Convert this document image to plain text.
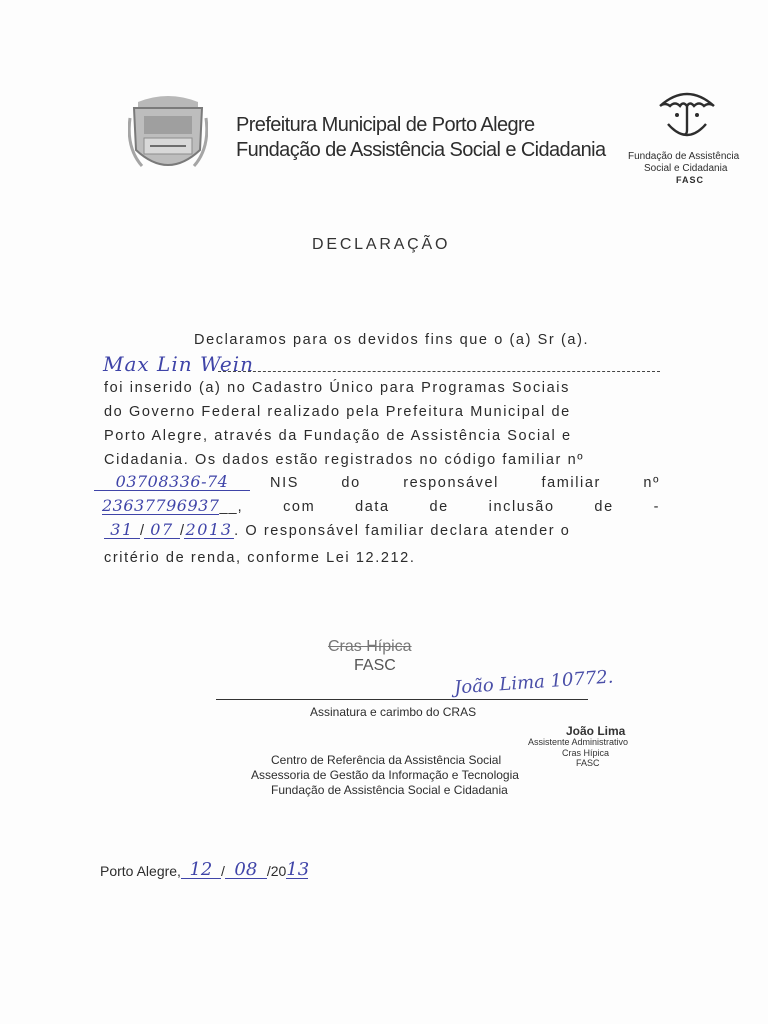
Prefeitura Municipal de Porto Alegre
Fundação de Assistência Social e Cidadania Fundação de Assistência
Social e Cidadania
FASC
DECLARAÇÃO
Declaramos para os devidos fins que o (a) Sr (a).
Max Lin Wein
foi inserido (a) no Cadastro Único para Programas Sociais
do Governo Federal realizado pela Prefeitura Municipal de
Porto Alegre, através da Fundação de Assistência Social e
Cidadania. Os dados estão registrados no código familiar nº
03708336-74	NIS	do	responsável	familiar	nº
23637796937 __ ,	com	data	de	inclusão	de	-
31 / 07 / 2013 . O responsável familiar declara atender o
critério de renda, conforme Lei 12.212.
Cras Hípica
FASC
João Lima 10772.
Assinatura e carimbo do CRAS
João Lima
Assistente Administrativo
Cras Hípica
FASC
Centro de Referência da Assistência Social
Assessoria de Gestão da Informação e Tecnologia
Fundação de Assistência Social e Cidadania
Porto Alegre, 12 / 08 /20 13
